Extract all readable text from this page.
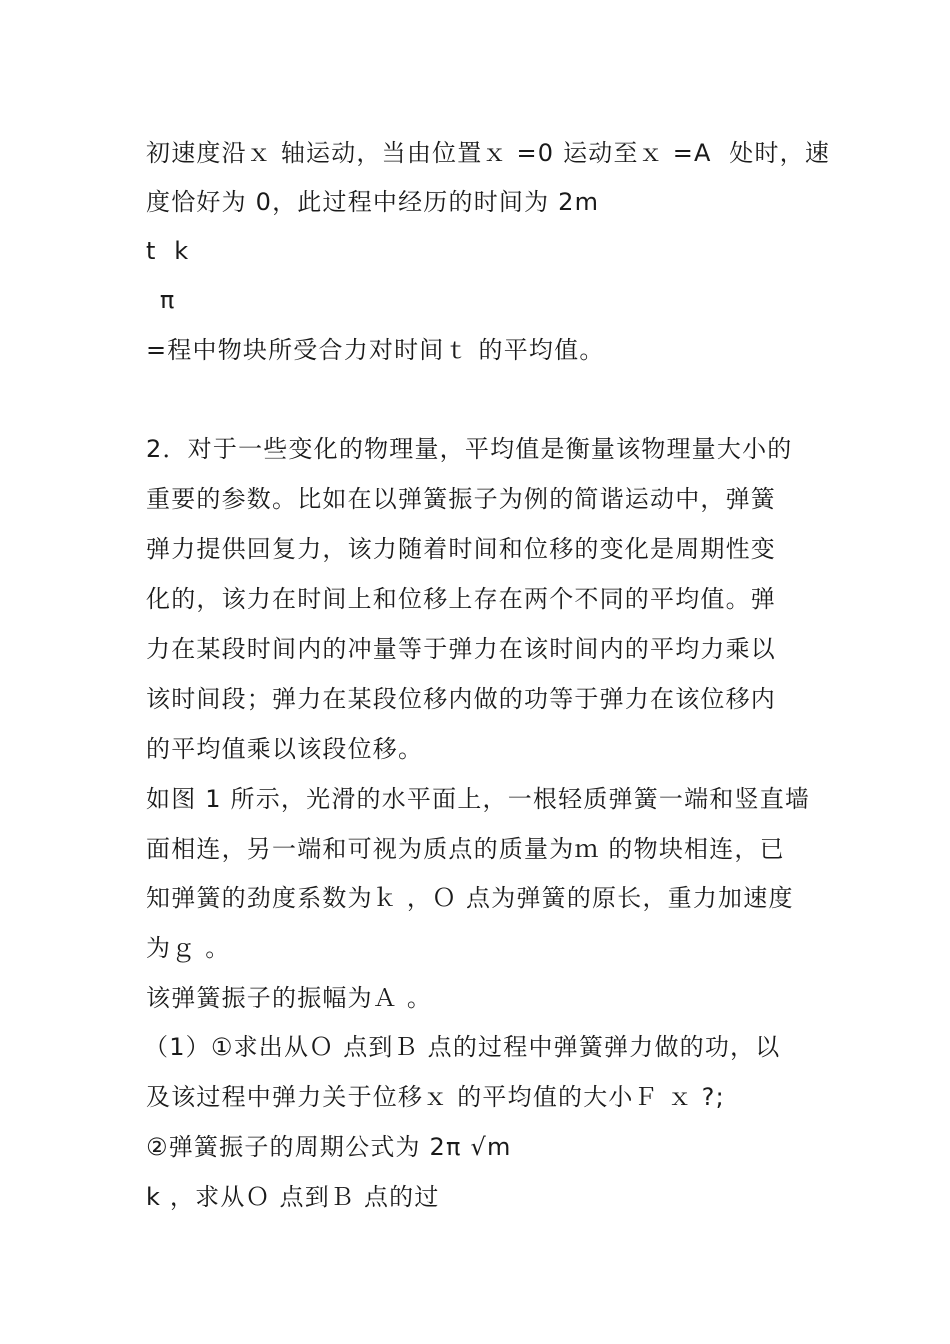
初速度沿ｘ 轴运动，当由位置ｘ =0 运动至ｘ =A  处时，速
度恰好为 0，此过程中经历的时间为 2m
t  k
π
=程中物块所受合力对时间ｔ 的平均值。
2．对于一些变化的物理量，平均值是衡量该物理量大小的
重要的参数。比如在以弹簧振子为例的简谐运动中，弹簧
弹力提供回复力，该力随着时间和位移的变化是周期性变
化的，该力在时间上和位移上存在两个不同的平均值。弹
力在某段时间内的冲量等于弹力在该时间内的平均力乘以
该时间段；弹力在某段位移内做的功等于弹力在该位移内
的平均值乘以该段位移。
如图 1 所示，光滑的水平面上，一根轻质弹簧一端和竖直墙
面相连，另一端和可视为质点的质量为ｍ 的物块相连，已
知弹簧的劲度系数为ｋ ，Ｏ 点为弹簧的原长，重力加速度
为ｇ 。
该弹簧振子的振幅为Ａ 。
（1）①求出从Ｏ 点到Ｂ 点的过程中弹簧弹力做的功，以
及该过程中弹力关于位移ｘ 的平均值的大小Ｆ ｘ ?;
②弹簧振子的周期公式为 2π √m
k ，求从Ｏ 点到Ｂ 点的过
